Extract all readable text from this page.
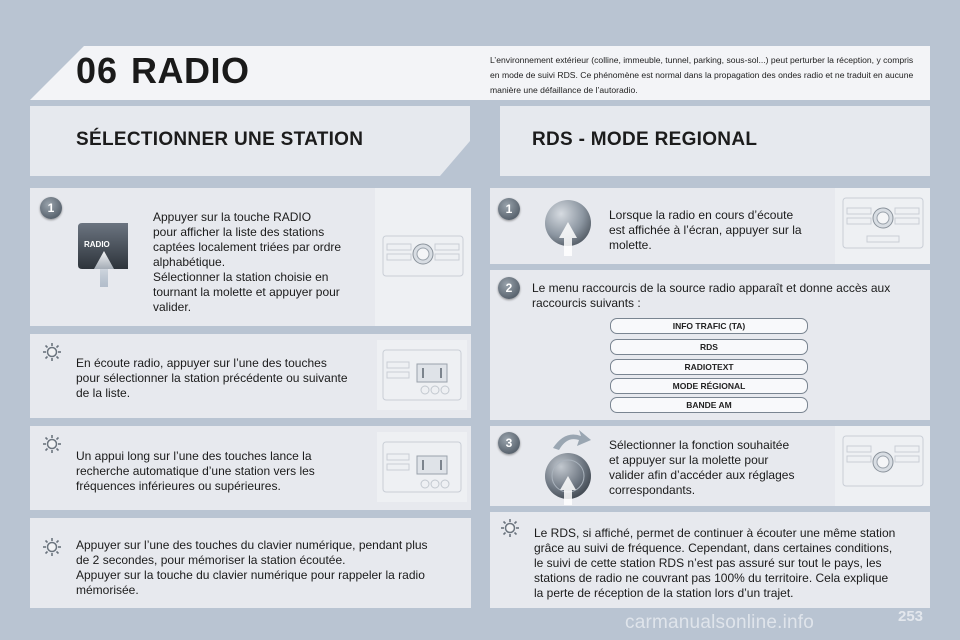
06 RADIO	L’environnement extérieur (colline, immeuble, tunnel, parking, sous-sol...) peut perturber la réception, y compris en mode de suivi RDS. Ce phénomène est normal dans la propagation des ondes radio et ne traduit en aucune manière une défaillance de l’autoradio.
SÉLECTIONNER UNE STATION	RDS - MODE REGIONAL
1
RADIO
Appuyer sur la touche RADIO
pour afficher la liste des stations
captées localement triées par ordre
alphabétique.
Sélectionner la station choisie en
tournant la molette et appuyer pour
valider.
En écoute radio, appuyer sur l’une des touches
pour sélectionner la station précédente ou suivante
de la liste.
Un appui long sur l’une des touches lance la
recherche automatique d’une station vers les
fréquences inférieures ou supérieures.
Appuyer sur l’une des touches du clavier numérique, pendant plus
de 2 secondes, pour mémoriser la station écoutée.
Appuyer sur la touche du clavier numérique pour rappeler la radio
mémorisée.
1	Lorsque la radio en cours d’écoute
est affichée à l’écran, appuyer sur la
molette.
2	Le menu raccourcis de la source radio apparaît et donne accès aux
raccourcis suivants :
INFO TRAFIC (TA)
RDS
RADIOTEXT
MODE RÉGIONAL
BANDE AM
3	Sélectionner la fonction souhaitée
et appuyer sur la molette pour
valider afin d’accéder aux réglages
correspondants.
Le RDS, si affiché, permet de continuer à écouter une même station
grâce au suivi de fréquence. Cependant, dans certaines conditions,
le suivi de cette station RDS n’est pas assuré sur tout le pays, les
stations de radio ne couvrant pas 100% du territoire. Cela explique
la perte de réception de la station lors d’un trajet.
253
carmanualsonline.info
